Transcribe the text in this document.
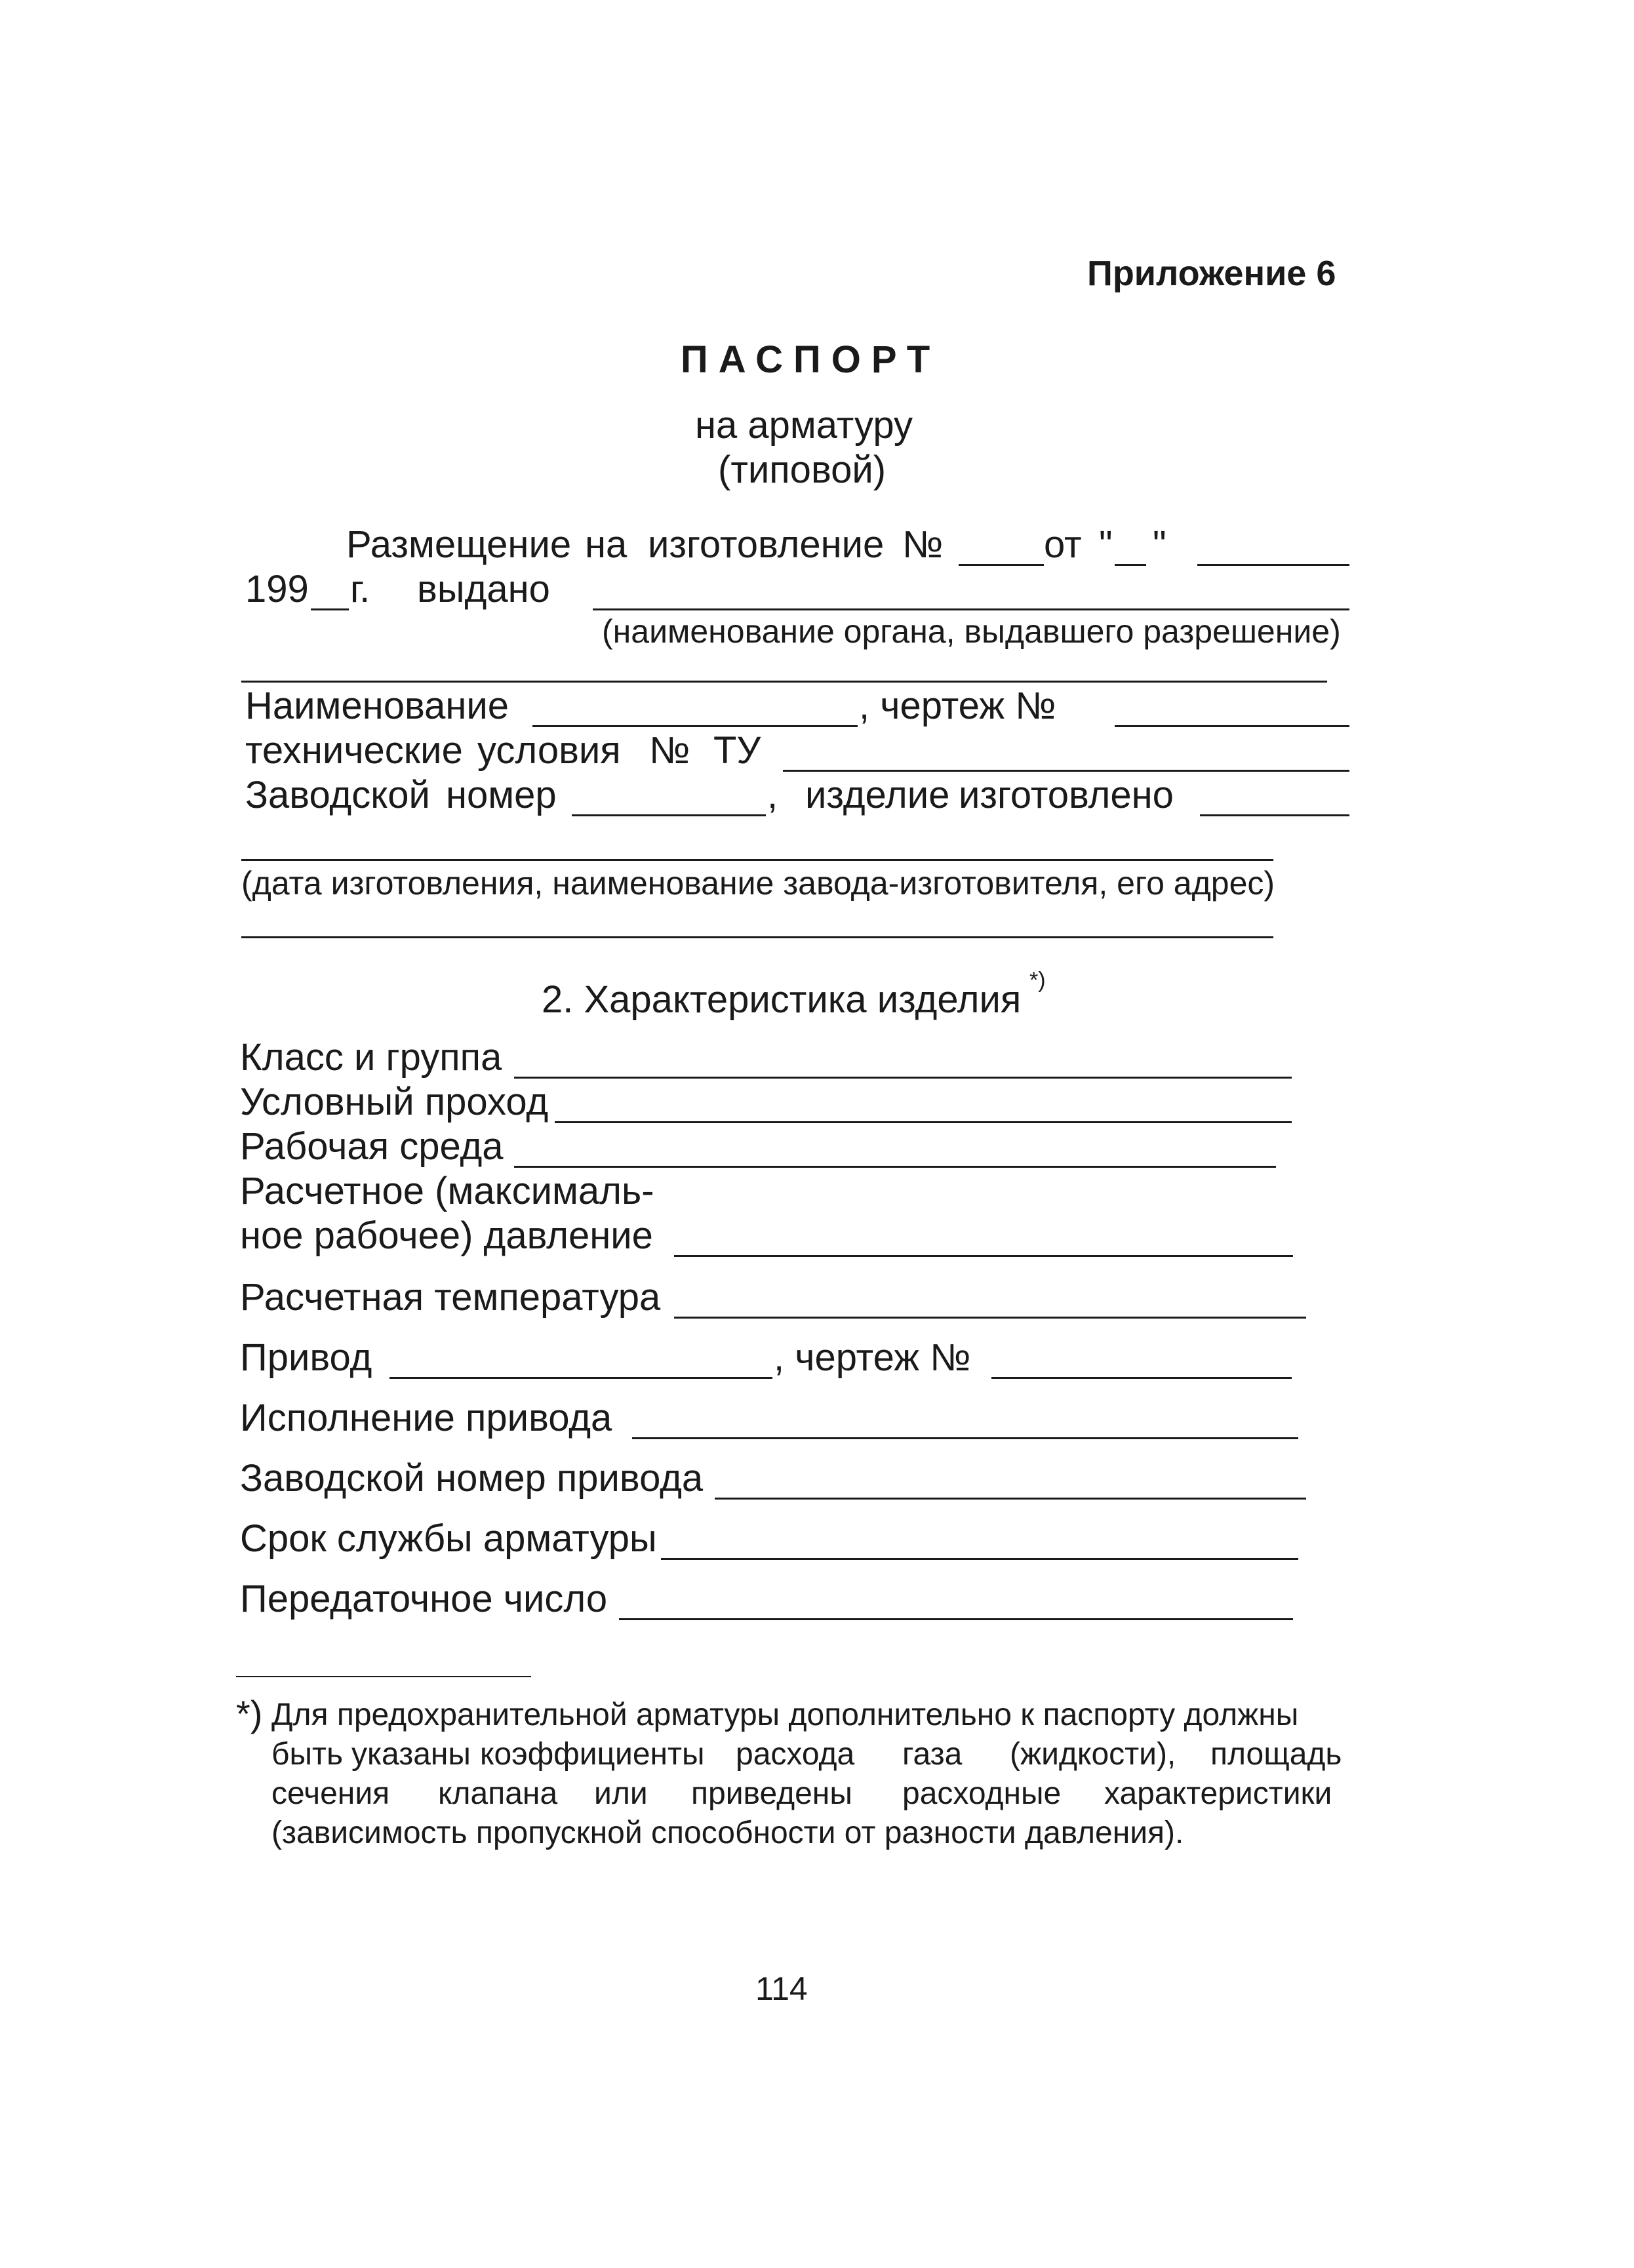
Приложение 6
ПАСПОРТ
на арматуру
(типовой)
Размещение на изготовление №	от " "
199 г. выдано
(наименование органа, выдавшего разрешение)
Наименование	, чертеж №
технические условия № ТУ
Заводской номер	, изделие изготовлено
(дата изготовления, наименование завода-изготовителя, его адрес)
2. Характеристика изделия *)
Класс и группа
Условный проход
Рабочая среда
Расчетное (максималь-
ное рабочее) давление
Расчетная температура
Привод	, чертеж №
Исполнение привода
Заводской номер привода
Срок службы арматуры
Передаточное число
*) Для предохранительной арматуры дополнительно к паспорту должны
быть указаны коэффициенты расхода газа (жидкости), площадь
сечения клапана или приведены расходные характеристики
(зависимость пропускной способности от разности давления).
114
